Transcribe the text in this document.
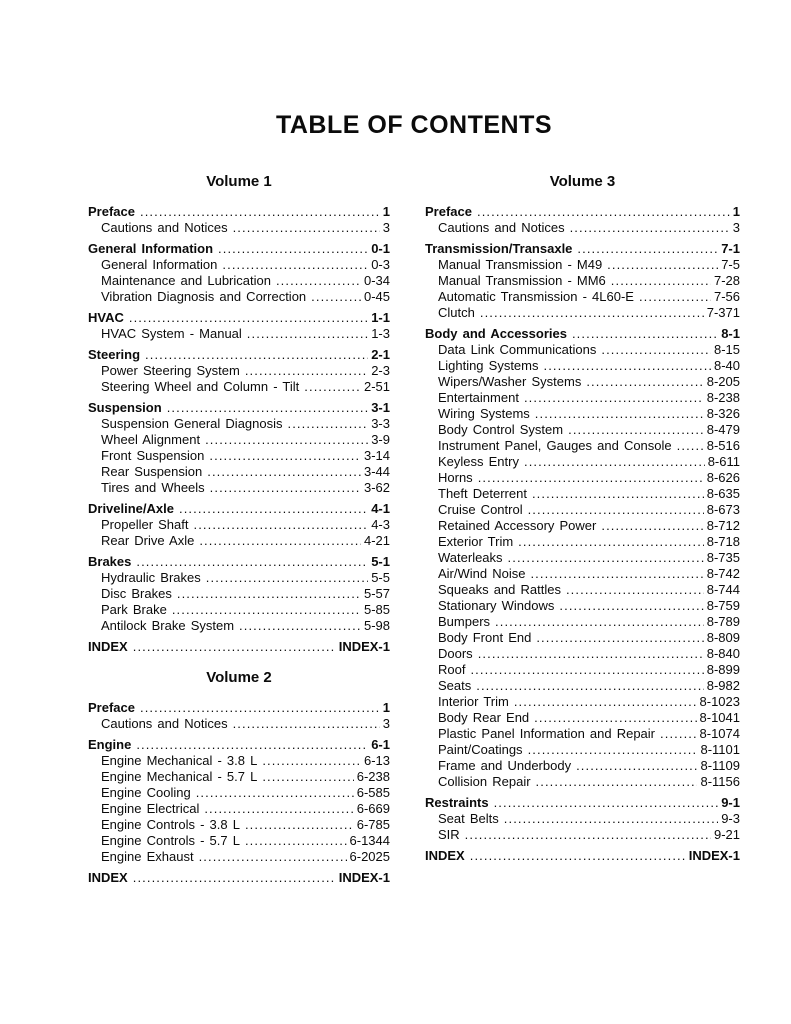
TABLE OF CONTENTS
Volume 1
Preface .....	1
Cautions and Notices .....	3
General Information .....	0-1
General Information .....	0-3
Maintenance and Lubrication .....	0-34
Vibration Diagnosis and Correction .....	0-45
HVAC .....	1-1
HVAC System - Manual .....	1-3
Steering .....	2-1
Power Steering System .....	2-3
Steering Wheel and Column - Tilt .....	2-51
Suspension .....	3-1
Suspension General Diagnosis .....	3-3
Wheel Alignment .....	3-9
Front Suspension .....	3-14
Rear Suspension .....	3-44
Tires and Wheels .....	3-62
Driveline/Axle .....	4-1
Propeller Shaft .....	4-3
Rear Drive Axle .....	4-21
Brakes .....	5-1
Hydraulic Brakes .....	5-5
Disc Brakes .....	5-57
Park Brake .....	5-85
Antilock Brake System .....	5-98
INDEX .....	INDEX-1
Volume 2
Preface .....	1
Cautions and Notices .....	3
Engine .....	6-1
Engine Mechanical - 3.8 L .....	6-13
Engine Mechanical - 5.7 L .....	6-238
Engine Cooling .....	6-585
Engine Electrical .....	6-669
Engine Controls - 3.8 L .....	6-785
Engine Controls - 5.7 L .....	6-1344
Engine Exhaust .....	6-2025
INDEX .....	INDEX-1
Volume 3
Preface .....	1
Cautions and Notices .....	3
Transmission/Transaxle .....	7-1
Manual Transmission - M49 .....	7-5
Manual Transmission - MM6 .....	7-28
Automatic Transmission - 4L60-E .....	7-56
Clutch .....	7-371
Body and Accessories .....	8-1
Data Link Communications .....	8-15
Lighting Systems .....	8-40
Wipers/Washer Systems .....	8-205
Entertainment .....	8-238
Wiring Systems .....	8-326
Body Control System .....	8-479
Instrument Panel, Gauges and Console .....	8-516
Keyless Entry .....	8-611
Horns .....	8-626
Theft Deterrent .....	8-635
Cruise Control .....	8-673
Retained Accessory Power .....	8-712
Exterior Trim .....	8-718
Waterleaks .....	8-735
Air/Wind Noise .....	8-742
Squeaks and Rattles .....	8-744
Stationary Windows .....	8-759
Bumpers .....	8-789
Body Front End .....	8-809
Doors .....	8-840
Roof .....	8-899
Seats .....	8-982
Interior Trim .....	8-1023
Body Rear End .....	8-1041
Plastic Panel Information and Repair .....	8-1074
Paint/Coatings .....	8-1101
Frame and Underbody .....	8-1109
Collision Repair .....	8-1156
Restraints .....	9-1
Seat Belts .....	9-3
SIR .....	9-21
INDEX .....	INDEX-1
